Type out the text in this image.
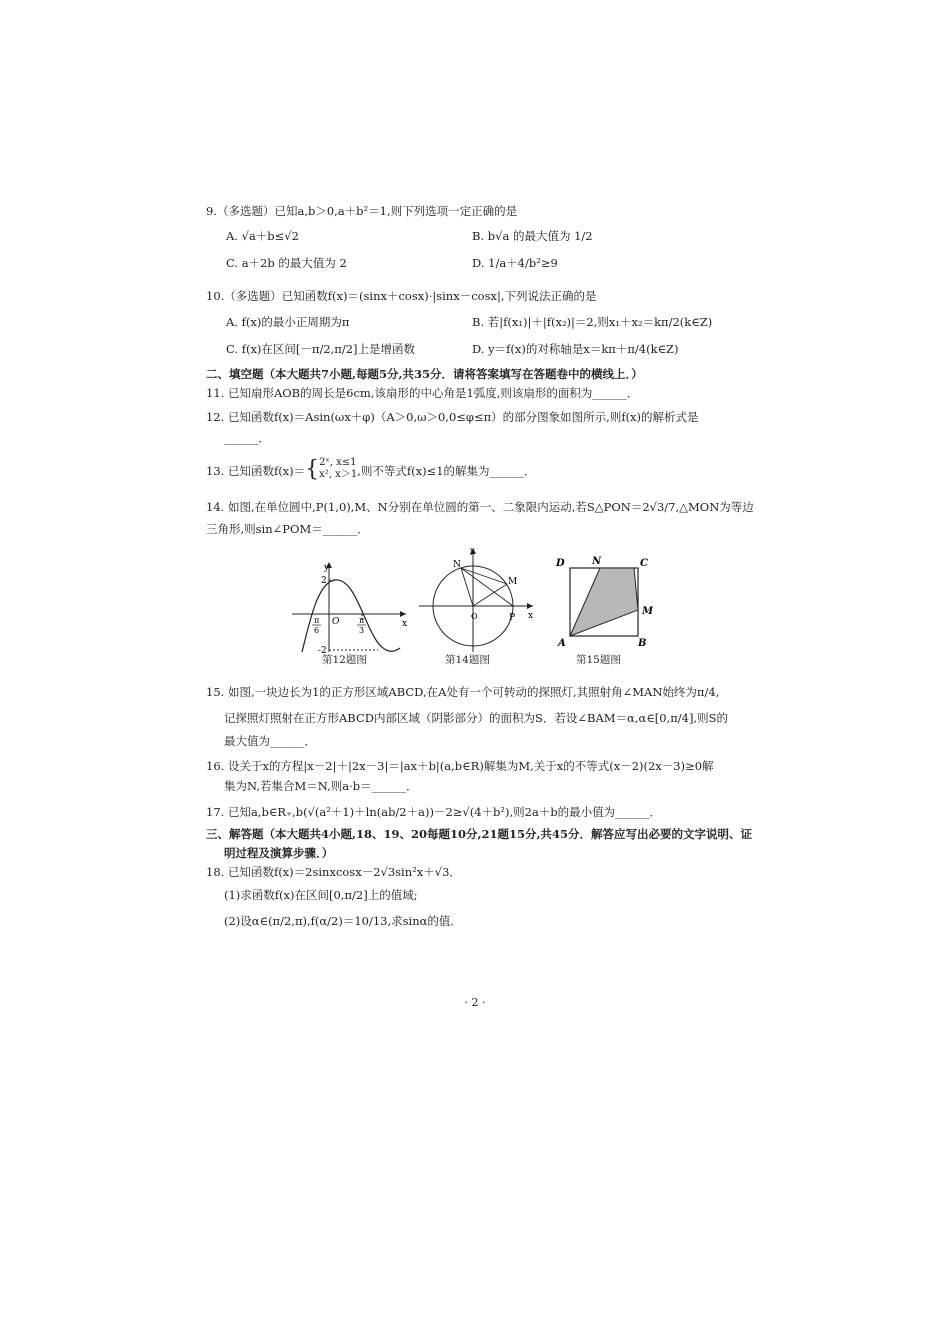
9.（多选题）已知a,b＞0,a＋b²＝1,则下列选项一定正确的是
A. √a＋b≤√2	B. b√a 的最大值为 1/2
C. a＋2b 的最大值为 2	D. 1/a＋4/b²≥9
10.（多选题）已知函数f(x)＝(sinx＋cosx)·|sinx－cosx|,下列说法正确的是
A. f(x)的最小正周期为π	B. 若|f(x₁)|＋|f(x₂)|＝2,则x₁＋x₂＝kπ/2(k∈Z)
C. f(x)在区间[－π/2,π/2]上是增函数	D. y＝f(x)的对称轴是x＝kπ＋π/4(k∈Z)
二、填空题（本大题共7小题,每题5分,共35分．请将答案填写在答题卷中的横线上．）
11. 已知扇形AOB的周长是6cm,该扇形的中心角是1弧度,则该扇形的面积为______．
12. 已知函数f(x)＝Asin(ωx＋φ)（A＞0,ω＞0,0≤φ≤π）的部分图象如图所示,则f(x)的解析式是
______．
13. 已知函数f(x)＝{ 2ˣ, x≤1
x², x＞1 ,则不等式f(x)≤1的解集为______．
14. 如图,在单位圆中,P(1,0),M、N分别在单位圆的第一、二象限内运动,若S△PON＝2√3/7,△MON为等边
三角形,则sin∠POM＝______．
y
x
O
2
-2
π
6
π
3
第12题图
y
x
O
N
M
P
第14题图
D	N	C
M
A	B
第15题图
15. 如图,一块边长为1的正方形区域ABCD,在A处有一个可转动的探照灯,其照射角∠MAN始终为π/4,
记探照灯照射在正方形ABCD内部区域（阴影部分）的面积为S．若设∠BAM＝α,α∈[0,π/4],则S的
最大值为______．
16. 设关于x的方程|x－2|＋|2x－3|＝|ax＋b|(a,b∈R)解集为M,关于x的不等式(x－2)(2x－3)≥0解
集为N,若集合M＝N,则a·b＝______．
17. 已知a,b∈R₊,b(√(a²＋1)＋ln(ab/2＋a))－2≥√(4＋b²),则2a＋b的最小值为______．
三、解答题（本大题共4小题,18、19、20每题10分,21题15分,共45分．解答应写出必要的文字说明、证
明过程及演算步骤．）
18. 已知函数f(x)＝2sinxcosx－2√3sin²x＋√3．
(1)求函数f(x)在区间[0,π/2]上的值域;
(2)设α∈(π/2,π),f(α/2)＝10/13,求sinα的值．
· 2 ·
